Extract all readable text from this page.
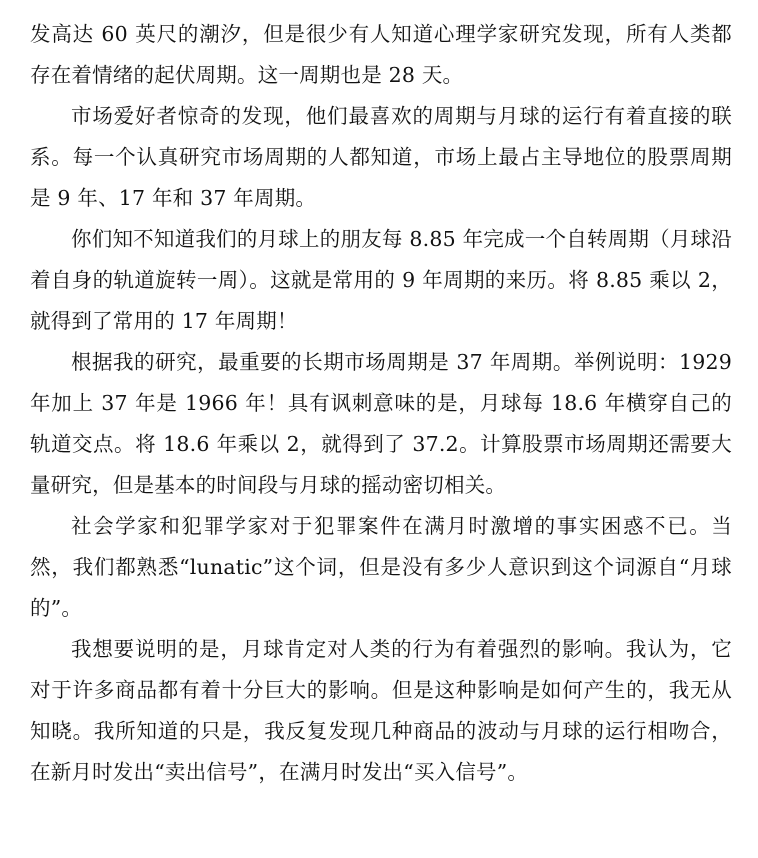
发高达 60 英尺的潮汐，但是很少有人知道心理学家研究发现，所有人类都存在着情绪的起伏周期。这一周期也是 28 天。

市场爱好者惊奇的发现，他们最喜欢的周期与月球的运行有着直接的联系。每一个认真研究市场周期的人都知道，市场上最占主导地位的股票周期是 9 年、17 年和 37 年周期。

你们知不知道我们的月球上的朋友每 8.85 年完成一个自转周期（月球沿着自身的轨道旋转一周）。这就是常用的 9 年周期的来历。将 8.85 乘以 2，就得到了常用的 17 年周期！

根据我的研究，最重要的长期市场周期是 37 年周期。举例说明：1929 年加上 37 年是 1966 年！具有讽刺意味的是，月球每 18.6 年横穿自己的轨道交点。将 18.6 年乘以 2，就得到了 37.2。计算股票市场周期还需要大量研究，但是基本的时间段与月球的摇动密切相关。

社会学家和犯罪学家对于犯罪案件在满月时激增的事实困惑不已。当然，我们都熟悉“lunatic”这个词，但是没有多少人意识到这个词源自“月球的”。

我想要说明的是，月球肯定对人类的行为有着强烈的影响。我认为，它对于许多商品都有着十分巨大的影响。但是这种影响是如何产生的，我无从知晓。我所知道的只是，我反复发现几种商品的波动与月球的运行相吻合，在新月时发出“卖出信号”，在满月时发出“买入信号”。
